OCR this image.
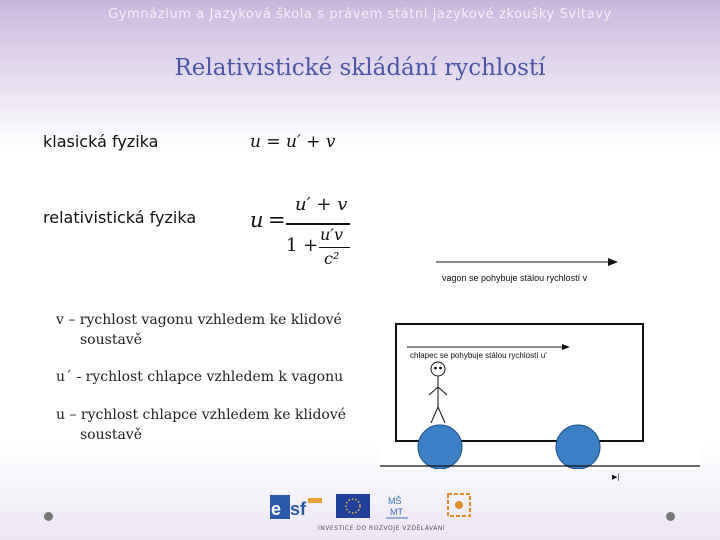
Gymnázium a Jazyková škola s právem státní jazykové zkoušky Svitavy
Relativistické skládání rychlostí
klasická fyzika	u = u′ + v
relativistická fyzika	u =
u′ + v
1 +
u′v
c²
v – rychlost vagonu vzhledem ke klidové
soustavě
u´ - rychlost chlapce vzhledem k vagonu
u – rychlost chlapce vzhledem ke klidové
soustavě
vagon se pohybuje stálou rychlostí v
chlapec se pohybuje stálou rychlostí u′
▶|
e sf	MŠ
MT
INVESTICE DO ROZVOJE VZDĚLÁVÁNÍ
